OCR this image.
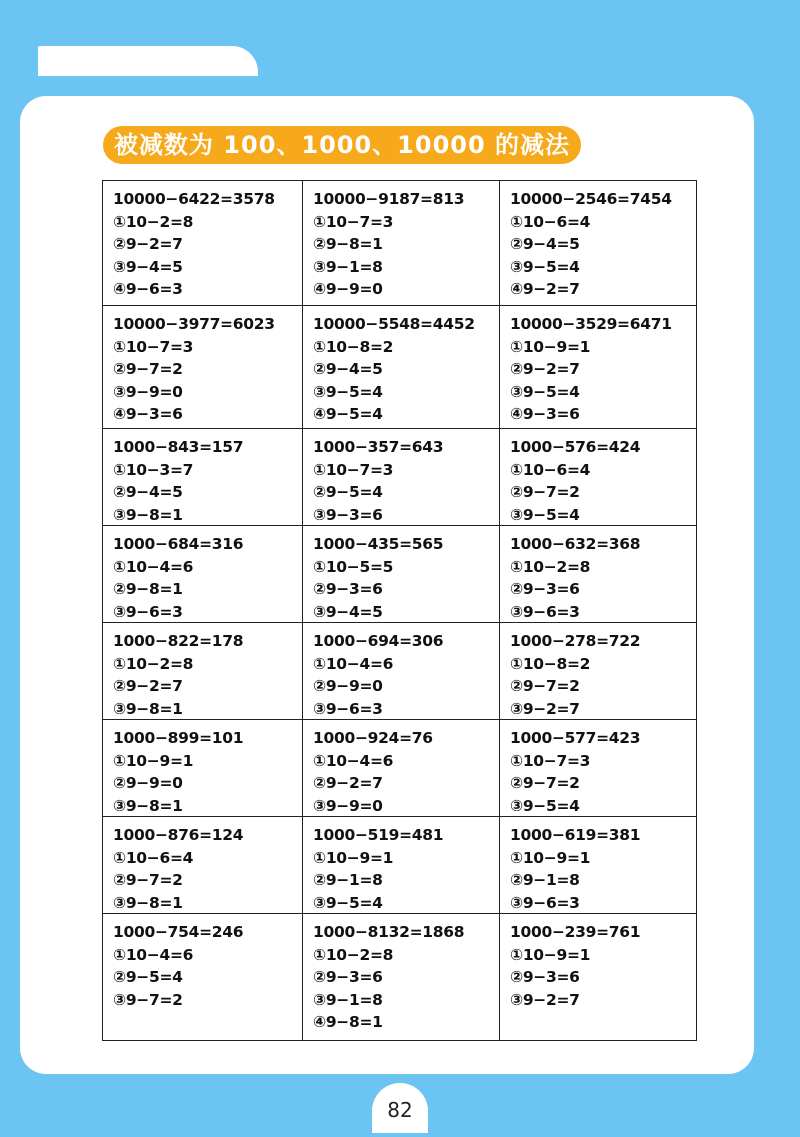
被减数为 100、1000、10000 的减法
10000−6422=3578
①10−2=8
②9−2=7
③9−4=5
④9−6=3
10000−9187=813
①10−7=3
②9−8=1
③9−1=8
④9−9=0
10000−2546=7454
①10−6=4
②9−4=5
③9−5=4
④9−2=7
10000−3977=6023
①10−7=3
②9−7=2
③9−9=0
④9−3=6
10000−5548=4452
①10−8=2
②9−4=5
③9−5=4
④9−5=4
10000−3529=6471
①10−9=1
②9−2=7
③9−5=4
④9−3=6
1000−843=157
①10−3=7
②9−4=5
③9−8=1
1000−357=643
①10−7=3
②9−5=4
③9−3=6
1000−576=424
①10−6=4
②9−7=2
③9−5=4
1000−684=316
①10−4=6
②9−8=1
③9−6=3
1000−435=565
①10−5=5
②9−3=6
③9−4=5
1000−632=368
①10−2=8
②9−3=6
③9−6=3
1000−822=178
①10−2=8
②9−2=7
③9−8=1
1000−694=306
①10−4=6
②9−9=0
③9−6=3
1000−278=722
①10−8=2
②9−7=2
③9−2=7
1000−899=101
①10−9=1
②9−9=0
③9−8=1
1000−924=76
①10−4=6
②9−2=7
③9−9=0
1000−577=423
①10−7=3
②9−7=2
③9−5=4
1000−876=124
①10−6=4
②9−7=2
③9−8=1
1000−519=481
①10−9=1
②9−1=8
③9−5=4
1000−619=381
①10−9=1
②9−1=8
③9−6=3
1000−754=246
①10−4=6
②9−5=4
③9−7=2
1000−8132=1868
①10−2=8
②9−3=6
③9−1=8
④9−8=1
1000−239=761
①10−9=1
②9−3=6
③9−2=7
82
